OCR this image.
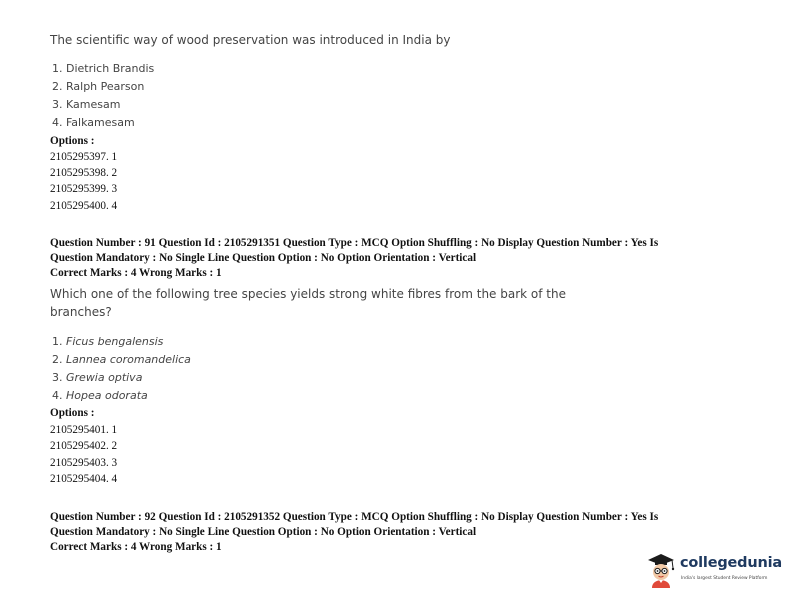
The scientific way of wood preservation was introduced in India by
1. Dietrich Brandis
2. Ralph Pearson
3. Kamesam
4. Falkamesam
Options :
2105295397. 1
2105295398. 2
2105295399. 3
2105295400. 4
Question Number : 91 Question Id : 2105291351 Question Type : MCQ Option Shuffling : No Display Question Number : Yes Is
Question Mandatory : No Single Line Question Option : No Option Orientation : Vertical
Correct Marks : 4 Wrong Marks : 1
Which one of the following tree species yields strong white fibres from the bark of the
branches?
1. Ficus bengalensis
2. Lannea coromandelica
3. Grewia optiva
4. Hopea odorata
Options :
2105295401. 1
2105295402. 2
2105295403. 3
2105295404. 4
Question Number : 92 Question Id : 2105291352 Question Type : MCQ Option Shuffling : No Display Question Number : Yes Is
Question Mandatory : No Single Line Question Option : No Option Orientation : Vertical
Correct Marks : 4 Wrong Marks : 1
collegedunia
India's largest Student Review Platform
